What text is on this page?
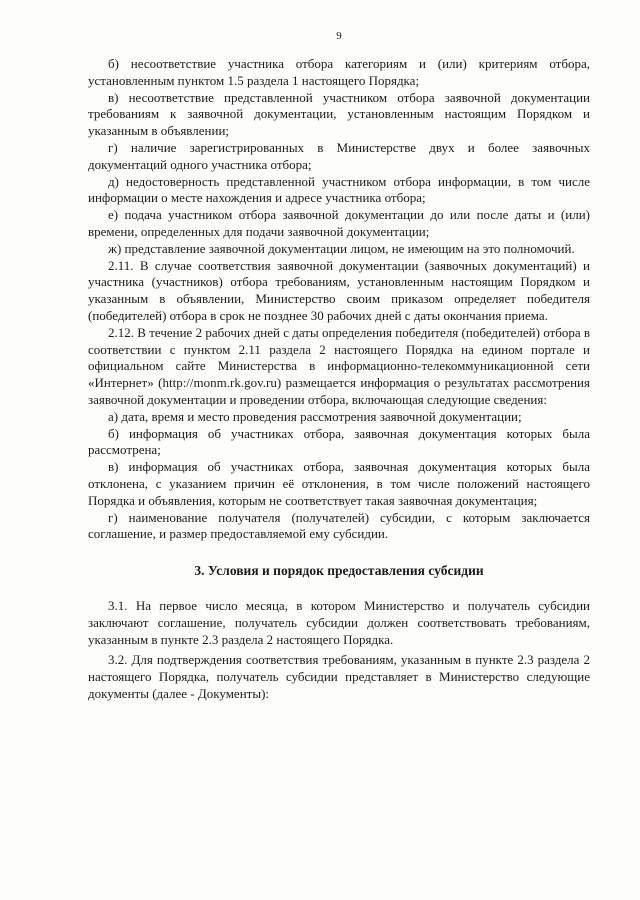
9

б) несоответствие участника отбора категориям и (или) критериям отбора, установленным пунктом 1.5 раздела 1 настоящего Порядка;

в) несоответствие представленной участником отбора заявочной документации требованиям к заявочной документации, установленным настоящим Порядком и указанным в объявлении;

г) наличие зарегистрированных в Министерстве двух и более заявочных документаций одного участника отбора;

д) недостоверность представленной участником отбора информации, в том числе информации о месте нахождения и адресе участника отбора;

е) подача участником отбора заявочной документации до или после даты и (или) времени, определенных для подачи заявочной документации;

ж) представление заявочной документации лицом, не имеющим на это полномочий.

2.11. В случае соответствия заявочной документации (заявочных документаций) и участника (участников) отбора требованиям, установленным настоящим Порядком и указанным в объявлении, Министерство своим приказом определяет победителя (победителей) отбора в срок не позднее 30 рабочих дней с даты окончания приема.

2.12. В течение 2 рабочих дней с даты определения победителя (победителей) отбора в соответствии с пунктом 2.11 раздела 2 настоящего Порядка на едином портале и официальном сайте Министерства в информационно-телекоммуникационной сети «Интернет» (http://monm.rk.gov.ru) размещается информация о результатах рассмотрения заявочной документации и проведении отбора, включающая следующие сведения:

а) дата, время и место проведения рассмотрения заявочной документации;

б) информация об участниках отбора, заявочная документация которых была рассмотрена;

в) информация об участниках отбора, заявочная документация которых была отклонена, с указанием причин её отклонения, в том числе положений настоящего Порядка и объявления, которым не соответствует такая заявочная документация;

г) наименование получателя (получателей) субсидии, с которым заключается соглашение, и размер предоставляемой ему субсидии.

3. Условия и порядок предоставления субсидии

3.1. На первое число месяца, в котором Министерство и получатель субсидии заключают соглашение, получатель субсидии должен соответствовать требованиям, указанным в пункте 2.3 раздела 2 настоящего Порядка.

3.2. Для подтверждения соответствия требованиям, указанным в пункте 2.3 раздела 2 настоящего Порядка, получатель субсидии представляет в Министерство следующие документы (далее - Документы):
